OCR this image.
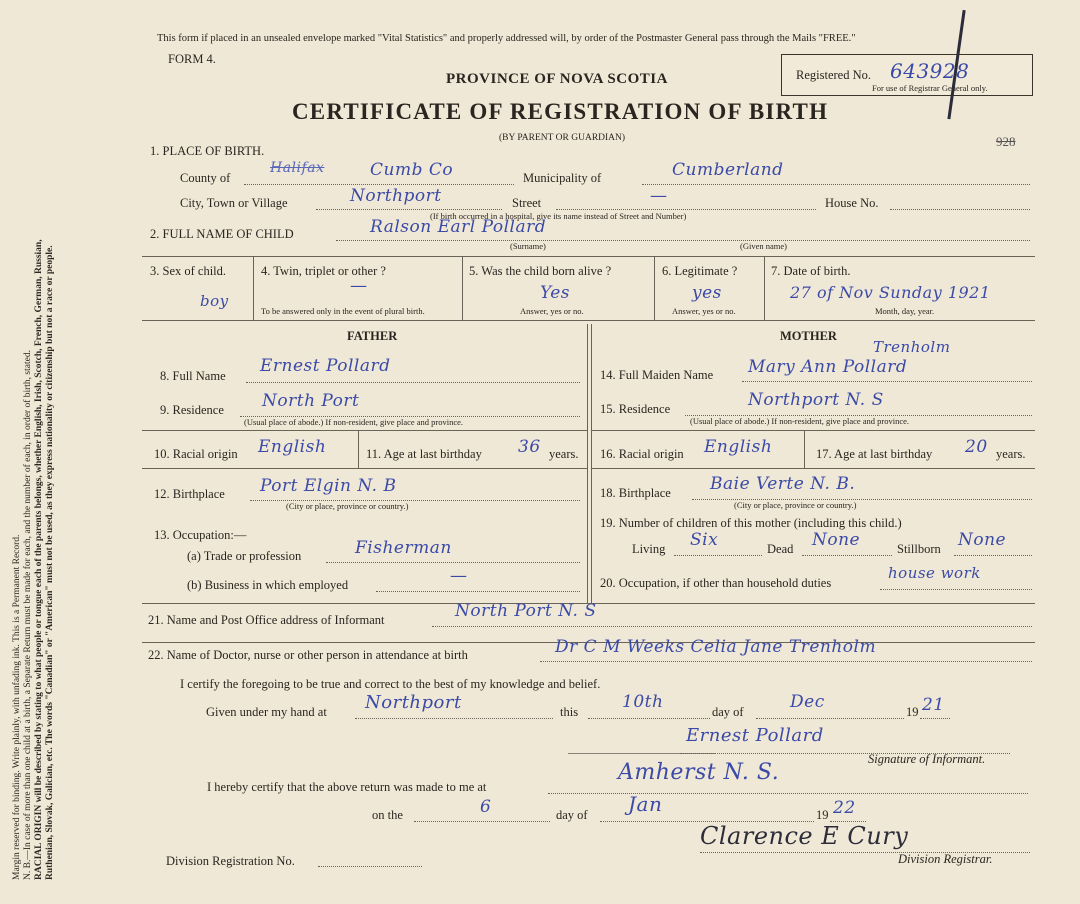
Margin reserved for binding. Write plainly, with unfading ink. This is a Permanent Record. N. B.—In case of more than one child at a birth, a Separate Return must be made for each, and the number of each, in order of birth, stated. RACIAL ORIGIN will be described by stating to what people or tongue each of the parents belongs, whether English, Irish, Scotch, French, German, Russian, Ruthenian, Slovak, Galician, etc. The words "Canadian" or "American" must not be used, as they express nationality or citizenship but not a race or people.
This form if placed in an unsealed envelope marked "Vital Statistics" and properly addressed will, by order of the Postmaster General pass through the Mails "FREE."
FORM 4.
PROVINCE OF NOVA SCOTIA
CERTIFICATE OF REGISTRATION OF BIRTH
(BY PARENT OR GUARDIAN)
Registered No. 643928
For use of Registrar General only.
928
1. PLACE OF BIRTH.
County of	Cumb Co
Halifax
Municipality of	Cumberland
City, Town or Village	Northport	Street	—	House No.
(If birth occurred in a hospital, give its name instead of Street and Number)
2. FULL NAME OF CHILD	Ralson Earl Pollard
(Surname)	(Given name)
3. Sex of child.
boy
4. Twin, triplet or other ?
—
To be answered only in the event of plural birth.
5. Was the child born alive ?
Yes
Answer, yes or no.
6. Legitimate ?
yes
Answer, yes or no.
7. Date of birth.
27 of Nov Sunday 1921
Month, day, year.
FATHER	MOTHER
8. Full Name Ernest Pollard
9. Residence North Port
(Usual place of abode.) If non-resident, give place and province.
10. Racial origin English	11. Age at last birthday 36 years.
12. Birthplace Port Elgin N. B
(City or place, province or country.)
13. Occupation:—
(a) Trade or profession	Fisherman
(b) Business in which employed	—
14. Full Maiden Name Mary Ann Pollard
Trenholm
15. Residence	Northport N. S
(Usual place of abode.) If non-resident, give place and province.
16. Racial origin English	17. Age at last birthday 20 years.
18. Birthplace Baie Verte N. B.
(City or place, province or country.)
19. Number of children of this mother (including this child.)
Living Six	Dead None	Stillborn None
20. Occupation, if other than household duties
house work
21. Name and Post Office address of Informant	North Port N. S
22. Name of Doctor, nurse or other person in attendance at birth	Dr C M Weeks Celia Jane Trenholm
I certify the foregoing to be true and correct to the best of my knowledge and belief.
Given under my hand at Northport	this	10th	day of	Dec	19 21
Ernest Pollard
Signature of Informant.
I hereby certify that the above return was made to me at
Amherst N. S.
on the	6	day of Jan	19 22
Division Registration No.
Clarence E Cury
Division Registrar.
